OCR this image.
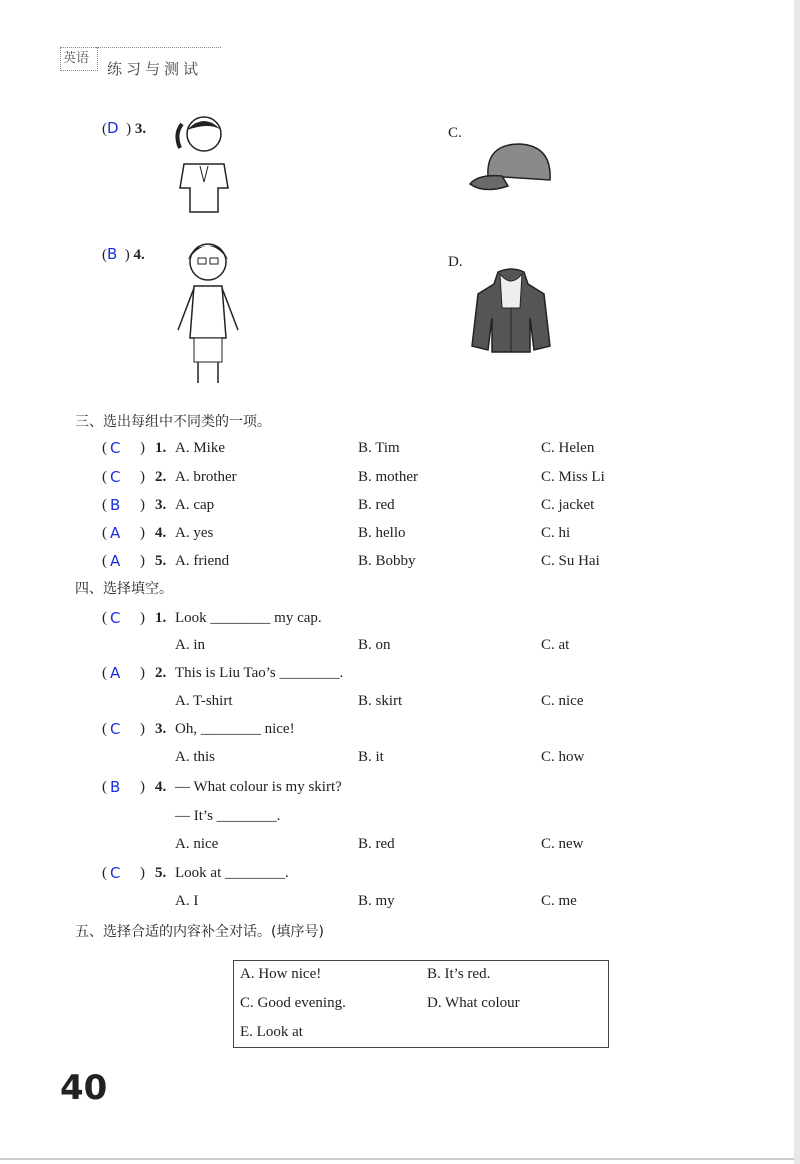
英语
练习与测试
(D  ) 3.	C.
(B  ) 4.	D.
三、选出每组中不同类的一项。
( C ) 1. A. Mike	B. Tim	C. Helen
( C ) 2. A. brother	B. mother	C. Miss Li
( B ) 3. A. cap	B. red	C. jacket
( A ) 4. A. yes	B. hello	C. hi
( A ) 5. A. friend	B. Bobby	C. Su Hai
四、选择填空。
( C ) 1. Look ________ my cap.
A. in	B. on	C. at
( A ) 2. This is Liu Tao’s ________.
A. T-shirt	B. skirt	C. nice
( C ) 3. Oh, ________ nice!
A. this	B. it	C. how
( B ) 4. — What colour is my skirt?
— It’s ________.
A. nice	B. red	C. new
( C ) 5. Look at ________.
A. I	B. my	C. me
五、选择合适的内容补全对话。(填序号)
A. How nice!	B. It’s red.
C. Good evening.	D. What colour
E. Look at
40
